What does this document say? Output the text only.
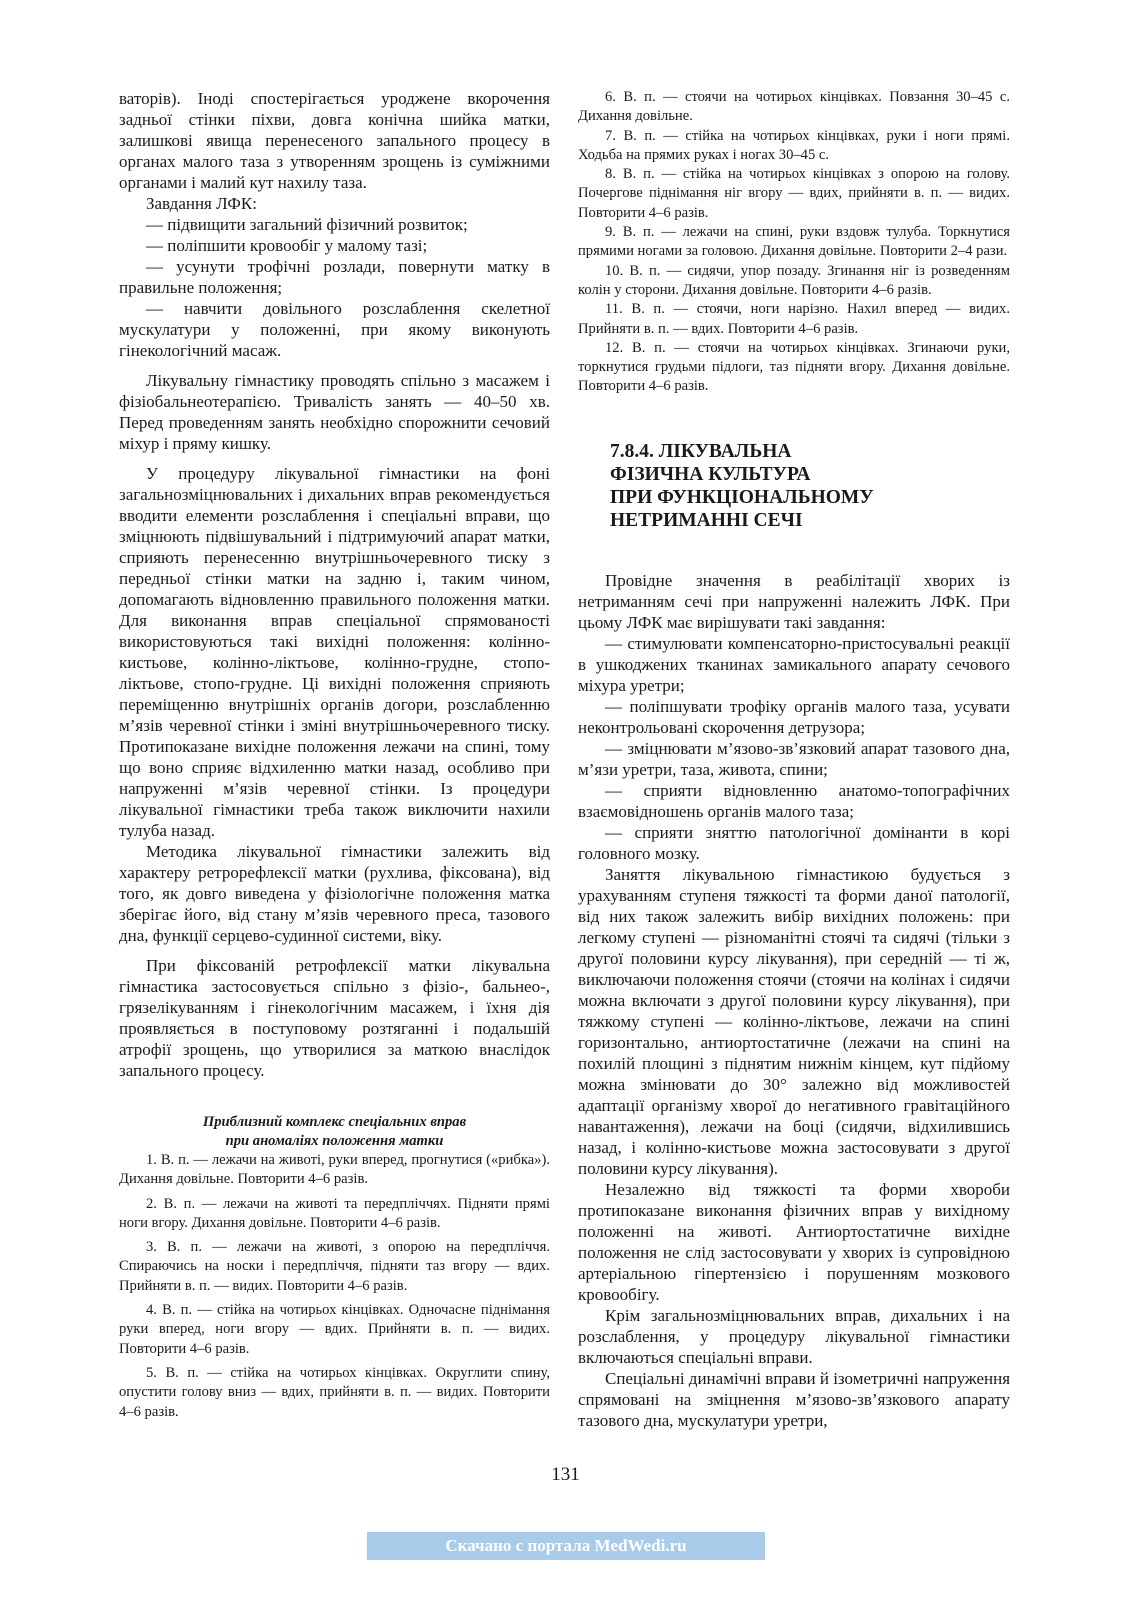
ваторів). Іноді спостерігається уроджене вкорочення задньої стінки піхви, довга конічна шийка матки, залишкові явища перенесеного запального процесу в органах малого таза з утворенням зрощень із суміжними органами і малий кут нахилу таза.

Завдання ЛФК:

— підвищити загальний фізичний розвиток;

— поліпшити кровообіг у малому тазі;

— усунути трофічні розлади, повернути матку в правильне положення;

— навчити довільного розслаблення скелетної мускулатури у положенні, при якому виконують гінекологічний масаж.

Лікувальну гімнастику проводять спільно з масажем і фізіобальнеотерапією. Тривалість занять — 40–50 хв. Перед проведенням занять необхідно спорожнити сечовий міхур і пряму кишку.

У процедуру лікувальної гімнастики на фоні загальнозміцнювальних і дихальних вправ рекомендується вводити елементи розслаблення і спеціальні вправи, що зміцнюють підвішувальний і підтримуючий апарат матки, сприяють перенесенню внутрішньочеревного тиску з передньої стінки матки на задню і, таким чином, допомагають відновленню правильного положення матки. Для виконання вправ спеціальної спрямованості використовуються такі вихідні положення: колінно-кистьове, колінно-ліктьове, колінно-грудне, стопо-ліктьове, стопо-грудне. Ці вихідні положення сприяють переміщенню внутрішніх органів догори, розслабленню м’язів черевної стінки і зміні внутрішньочеревного тиску. Протипоказане вихідне положення лежачи на спині, тому що воно сприяє відхиленню матки назад, особливо при напруженні м’язів черевної стінки. Із процедури лікувальної гімнастики треба також виключити нахили тулуба назад.

Методика лікувальної гімнастики залежить від характеру ретрорефлексії матки (рухлива, фіксована), від того, як довго виведена у фізіологічне положення матка зберігає його, від стану м’язів черевного преса, тазового дна, функції серцево-судинної системи, віку.

При фіксованій ретрофлексії матки лікувальна гімнастика застосовується спільно з фізіо-, бальнео-, грязелікуванням і гінекологічним масажем, і їхня дія проявляється в поступовому розтяганні і подальшій атрофії зрощень, що утворилися за маткою внаслідок запального процесу.

Приблизний комплекс спеціальних вправ
при аномаліях положення матки

1. В. п. — лежачи на животі, руки вперед, прогнутися («рибка»). Дихання довільне. Повторити 4–6 разів.

2. В. п. — лежачи на животі та передпліччях. Підняти прямі ноги вгору. Дихання довільне. Повторити 4–6 разів.

3. В. п. — лежачи на животі, з опорою на передпліччя. Спираючись на носки і передпліччя, підняти таз вгору — вдих. Прийняти в. п. — видих. Повторити 4–6 разів.

4. В. п. — стійка на чотирьох кінцівках. Одночасне піднімання руки вперед, ноги вгору — вдих. Прийняти в. п. — видих. Повторити 4–6 разів.

5. В. п. — стійка на чотирьох кінцівках. Округлити спину, опустити голову вниз — вдих, прийняти в. п. — видих. Повторити 4–6 разів.

6. В. п. — стоячи на чотирьох кінцівках. Повзання 30–45 с. Дихання довільне.

7. В. п. — стійка на чотирьох кінцівках, руки і ноги прямі. Ходьба на прямих руках і ногах 30–45 с.

8. В. п. — стійка на чотирьох кінцівках з опорою на голову. Почергове піднімання ніг вгору — вдих, прийняти в. п. — видих. Повторити 4–6 разів.

9. В. п. — лежачи на спині, руки вздовж тулуба. Торкнутися прямими ногами за головою. Дихання довільне. Повторити 2–4 рази.

10. В. п. — сидячи, упор позаду. Згинання ніг із розведенням колін у сторони. Дихання довільне. Повторити 4–6 разів.

11. В. п. — стоячи, ноги нарізно. Нахил вперед — видих. Прийняти в. п. — вдих. Повторити 4–6 разів.

12. В. п. — стоячи на чотирьох кінцівках. Згинаючи руки, торкнутися грудьми підлоги, таз підняти вгору. Дихання довільне. Повторити 4–6 разів.

7.8.4. ЛІКУВАЛЬНА
ФІЗИЧНА КУЛЬТУРА
ПРИ ФУНКЦІОНАЛЬНОМУ
НЕТРИМАННІ СЕЧІ

Провідне значення в реабілітації хворих із нетриманням сечі при напруженні належить ЛФК. При цьому ЛФК має вирішувати такі завдання:

— стимулювати компенсаторно-пристосувальні реакції в ушкоджених тканинах замикального апарату сечового міхура уретри;

— поліпшувати трофіку органів малого таза, усувати неконтрольовані скорочення детрузора;

— зміцнювати м’язово-зв’язковий апарат тазового дна, м’язи уретри, таза, живота, спини;

— сприяти відновленню анатомо-топографічних взаємовідношень органів малого таза;

— сприяти зняттю патологічної домінанти в корі головного мозку.

Заняття лікувальною гімнастикою будується з урахуванням ступеня тяжкості та форми даної патології, від них також залежить вибір вихідних положень: при легкому ступені — різноманітні стоячі та сидячі (тільки з другої половини курсу лікування), при середній — ті ж, виключаючи положення стоячи (стоячи на колінах і сидячи можна включати з другої половини курсу лікування), при тяжкому ступені — колінно-ліктьове, лежачи на спині горизонтально, антиортостатичне (лежачи на спині на похилій площині з піднятим нижнім кінцем, кут підйому можна змінювати до 30° залежно від можливостей адаптації організму хворої до негативного гравітаційного навантаження), лежачи на боці (сидячи, відхилившись назад, і колінно-кистьове можна застосовувати з другої половини курсу лікування).

Незалежно від тяжкості та форми хвороби протипоказане виконання фізичних вправ у вихідному положенні на животі. Антиортостатичне вихідне положення не слід застосовувати у хворих із супровідною артеріальною гіпертензією і порушенням мозкового кровообігу.

Крім загальнозміцнювальних вправ, дихальних і на розслаблення, у процедуру лікувальної гімнастики включаються спеціальні вправи.

Спеціальні динамічні вправи й ізометричні напруження спрямовані на зміцнення м’язово-зв’язкового апарату тазового дна, мускулатури уретри,

131
Скачано с портала MedWedi.ru
